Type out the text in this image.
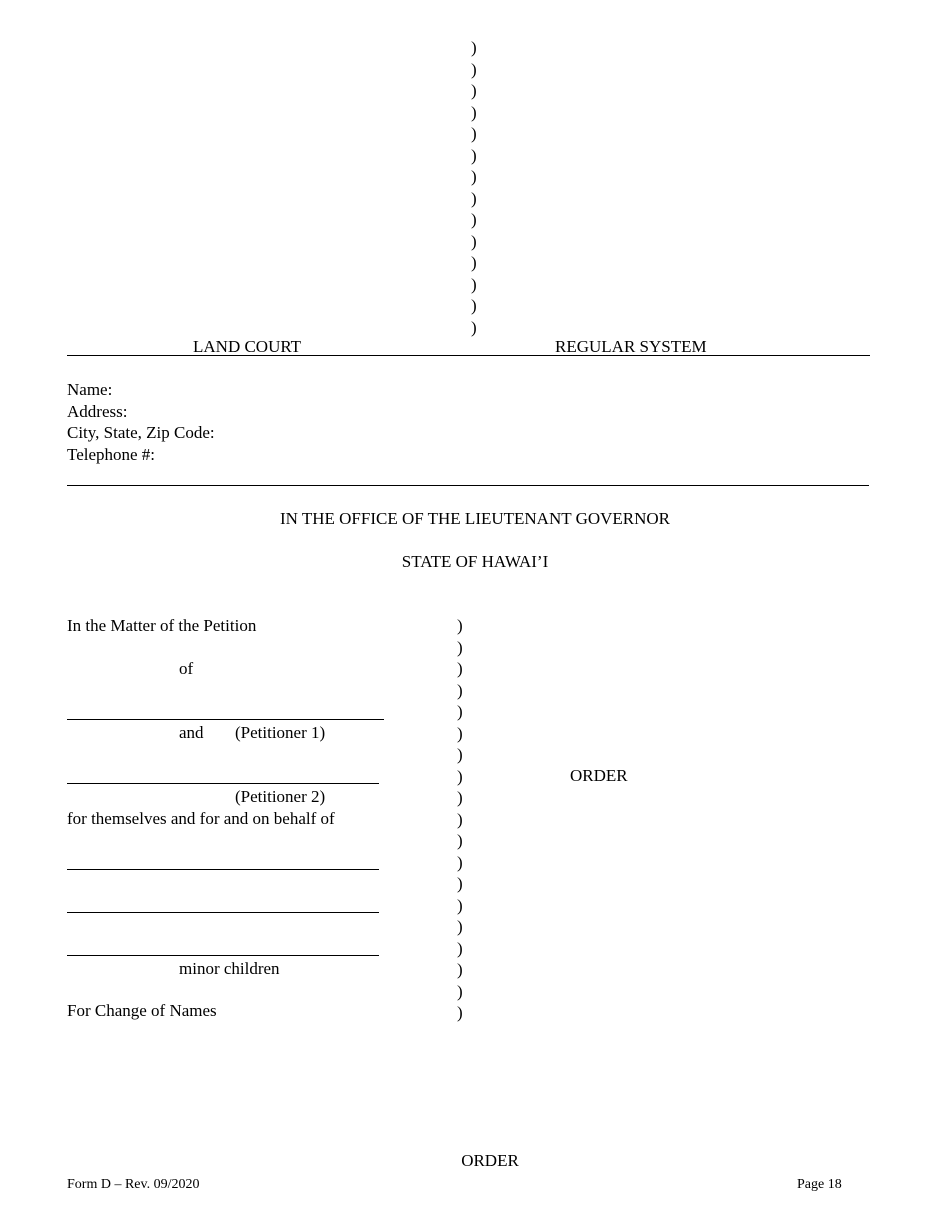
)
)
)
)
)
)
)
)
)
)
)
)
)
)
LAND COURT	REGULAR SYSTEM
Name:
Address:
City, State, Zip Code:
Telephone #:
IN THE OFFICE OF THE LIEUTENANT GOVERNOR
STATE OF HAWAI’I
In the Matter of the Petition
of
and (Petitioner 1)
(Petitioner 2)
for themselves and for and on behalf of
minor children
For Change of Names
)
)
)
)
)
)
)
)
)
)
)
)
)
)
)
)
)
)
)
ORDER
ORDER
Form D – Rev. 09/2020	Page 18
